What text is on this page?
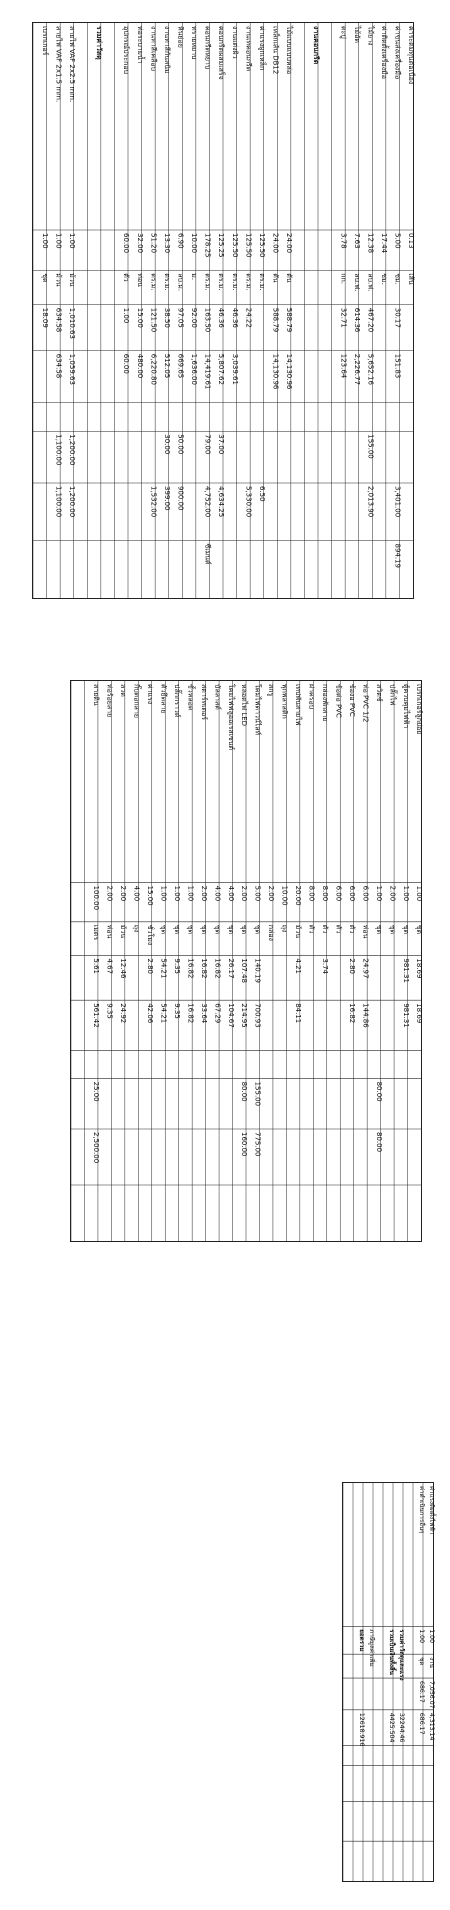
ค่าระดมทุนต่อเนื่อง
0.13
เส้น
ค่าขนส่งเครื่องมือ
5.00
ชม.
30.17
151.83
3,401.00
894.19
ค่าติดตั้งเครื่องมือ
17.44
ชม.
ไม้ยาง
12.38
ลบ.ฟ.
467.20
5,652.16
155.00
2,013.90
ไม้อัด
7.63
ลบ.ฟ.
614.36
2,226.77
ตะปู
3.78
กก.
32.71
123.64
งานคอนกรีต
ไม้แบบแบบหล่อ
24.00
ตัน
588.79
14,130.96
เหล็กเส้น DB12
24.00
ตัน
588.79
14,130.96
ค่าแรงผูกเหล็ก
125.50
ตร.ม.
6.50
งานเทคอนกรีต
125.50
ตร.ม.
24.22
5,330.00
งานแต่งผิว
125.50
ตร.ม.
46.36
3,039.61
คอนกรีตผสมเสร็จ
125.25
ตร.ม.
46.36
5,807.62
37.00
4,634.25
คอนกรีตหยาบ
178.25
ตร.ม.
163.50
14,419.61
79.00
4,752.00
ซีเมนต์
ทรายหยาบ
10.00
ม.
92.00
1,636.00
หินย่อย
6.90
ลบ.ม.
97.05
669.65
50.00
900.00
งานทาสีกันสนิม
13.30
ตร.ม.
38.50
512.05
30.00
399.00
งานทาสีเคลือบ
51.20
ตร.ม.
121.50
6,220.80
1,532.00
ท่อระบายน้ำ
32.00
ท่อน
15.00
480.00
อุปกรณ์ประกอบ
60.00
ตัว
1.00
60.00
รวมค่าวัสดุ
สายไฟ VAF 2x2.5 mm.
1.00
ม้วน
1,010.63
1,059.63
1,200.00
1,200.00
สายไฟ VAF 2x1.5 mm.
1.00
ม้วน
634.58
634.58
1,100.00
1,100.00
เบรกเกอร์
1.00
ชุด
18.09
เบรกเกอร์ลูกย่อย
1.00
ชุด
18.69
18.69
ตู้ควบคุมไฟฟ้า
1.00
ชุด
981.31
981.31
ปลั๊กไฟ
2.00
ชุด
สวิตช์
1.00
ชุด
80.00
80.00
ท่อ PVC 1/2
6.00
ท่อน
24.97
144.86
ข้องอ PVC
6.00
ตัว
2.80
16.82
ข้อต่อ PVC
6.00
ตัว
กล่องพักสาย
8.00
ตัว
3.74
ฝาครอบ
8.00
ตัว
เทปพันสายไฟ
20.00
ม้วน
4.21
84.11
พุกพลาสติก
10.00
ถุง
สกรู
2.00
กล่อง
โคมไฟดาวน์ไลท์
5.00
ชุด
140.19
700.93
155.00
775.00
หลอดไฟ LED
2.00
ชุด
107.48
214.95
80.00
160.00
โคมไฟฟลูออเรสเซนต์
4.00
ชุด
26.17
104.67
บัลลาสต์
4.00
ชุด
16.82
67.29
สตาร์ทเตอร์
2.00
ชุด
16.82
33.64
ขั้วหลอด
1.00
ชุด
16.82
16.82
ปลั๊กกราวด์
1.00
ชุด
9.35
9.35
ตัวยึดสาย
1.00
ชุด
54.21
54.21
ค่าแรง
15.00
ชั่วโมง
2.80
42.06
กิ๊บตอกสาย
4.00
ถุง
ลวด
2.00
ม้วน
12.46
24.92
ท่อร้อยสาย
2.00
ท่อน
4.67
9.35
สายดิน
100.00
เมตร
5.61
561.42
25.00
2,500.00
ค่าแรงติดตั้งไฟฟ้า
1.00
งาน
7,056.07
4,313.14
ค่าดำเนินการอื่นๆ
1.00
ชุด
686.17
686.17
รวมค่าวัสดุและแรง
32244.46
รวมเป็นเงินทั้งสิ้น
4425.504
ภาษีมูลค่าเพิ่ม
ยอดรวม
12618.916
